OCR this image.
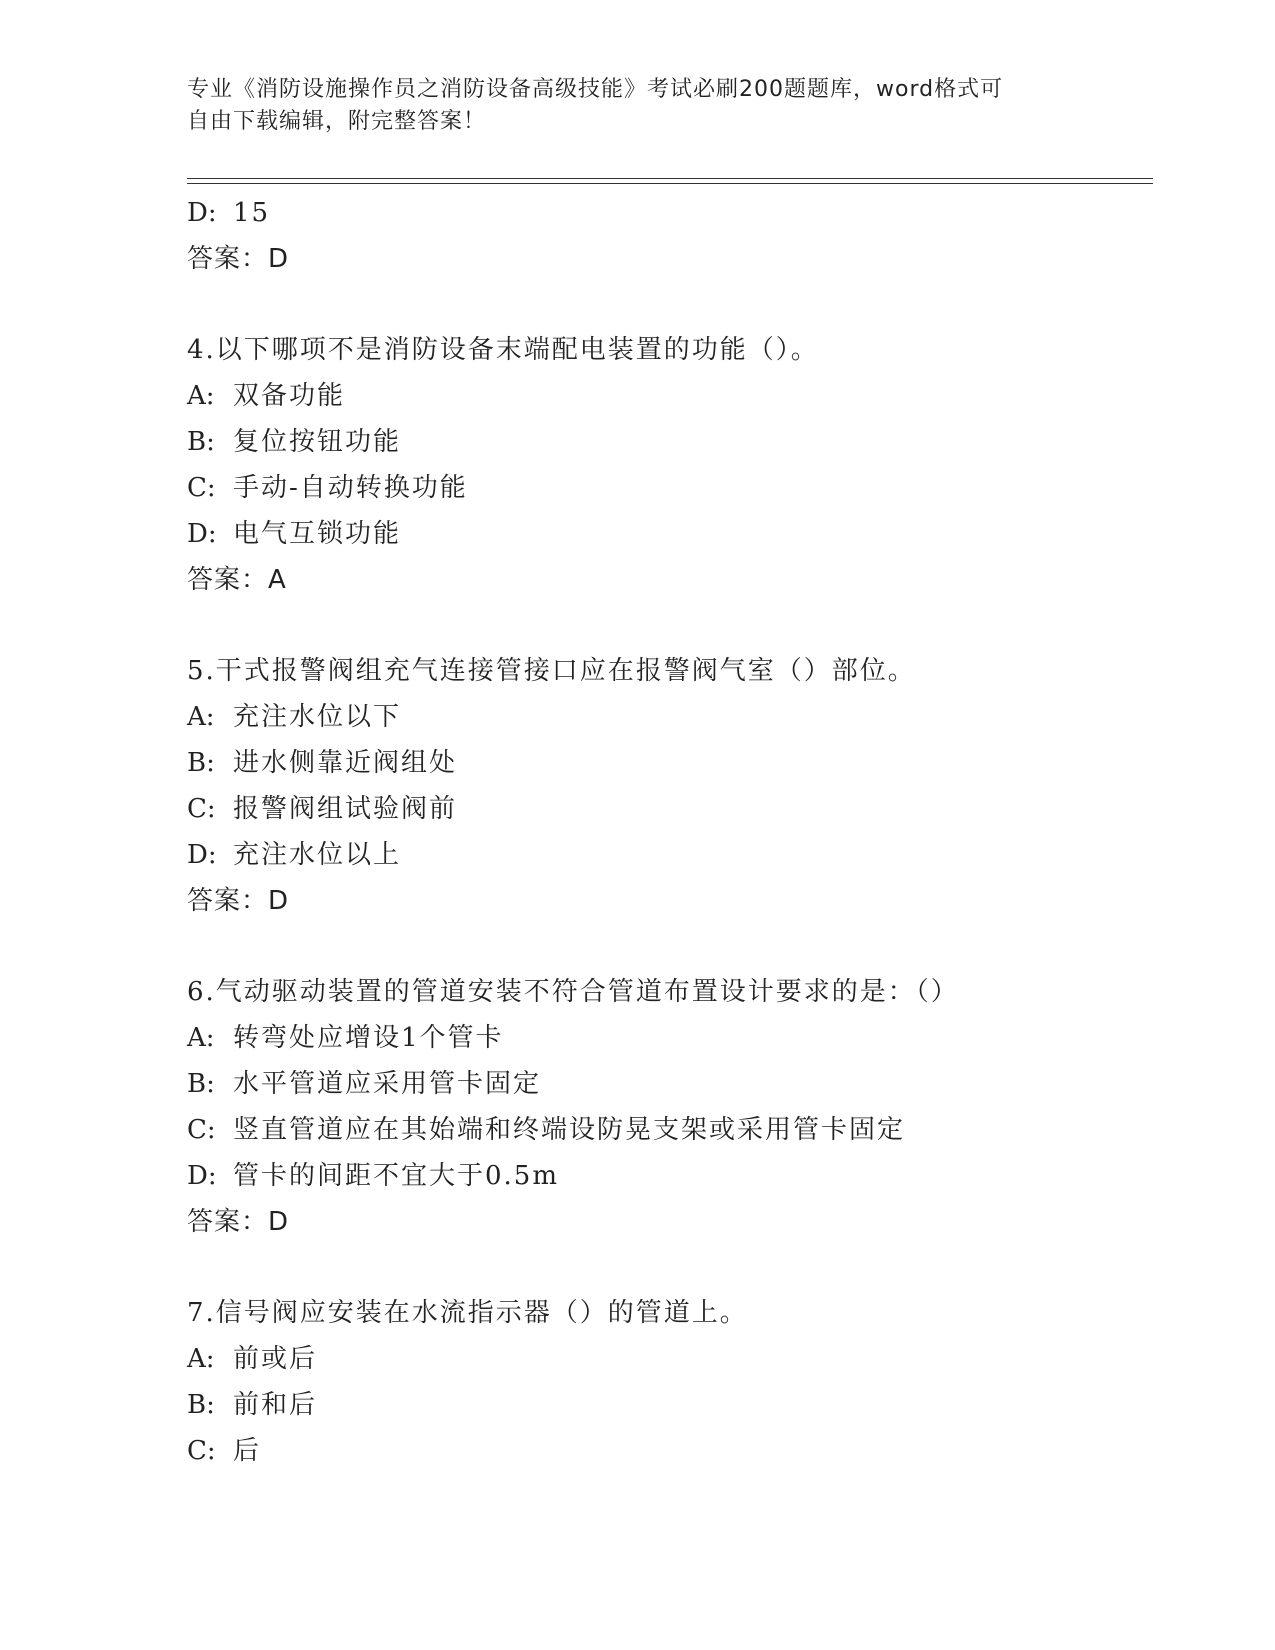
专业《消防设施操作员之消防设备高级技能》考试必刷200题题库，word格式可
自由下载编辑，附完整答案！
D: 15
答案：D
4.以下哪项不是消防设备末端配电装置的功能（）。
A: 双备功能
B: 复位按钮功能
C: 手动-自动转换功能
D: 电气互锁功能
答案：A
5.干式报警阀组充气连接管接口应在报警阀气室（）部位。
A: 充注水位以下
B: 进水侧靠近阀组处
C: 报警阀组试验阀前
D: 充注水位以上
答案：D
6.气动驱动装置的管道安装不符合管道布置设计要求的是：（）
A: 转弯处应增设1个管卡
B: 水平管道应采用管卡固定
C: 竖直管道应在其始端和终端设防晃支架或采用管卡固定
D: 管卡的间距不宜大于0.5m
答案：D
7.信号阀应安装在水流指示器（）的管道上。
A: 前或后
B: 前和后
C: 后
